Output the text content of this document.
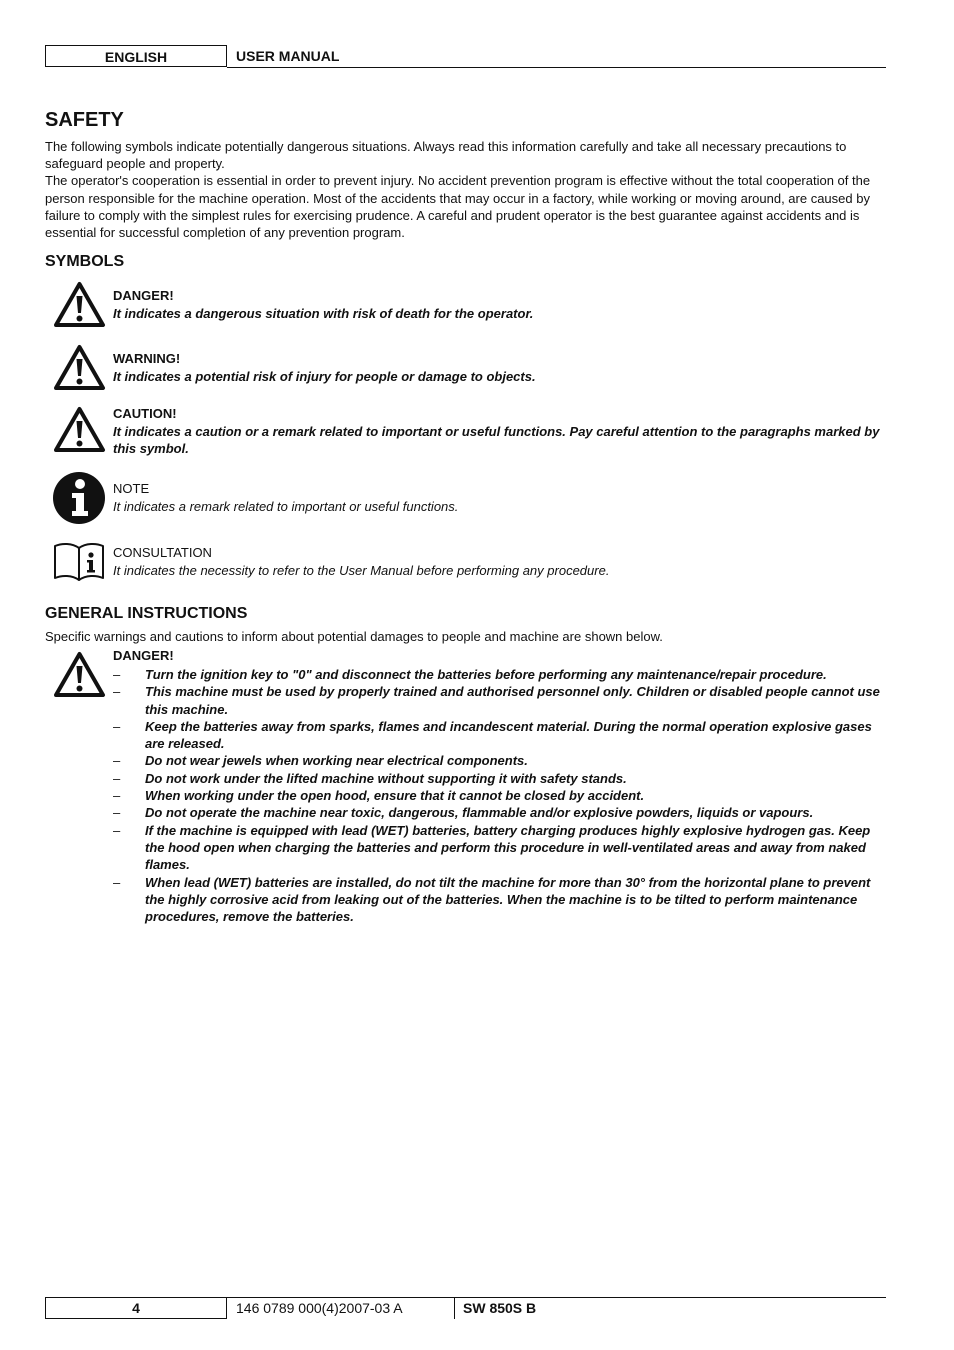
ENGLISH	USER MANUAL
SAFETY
The following symbols indicate potentially dangerous situations. Always read this information carefully and take all necessary precautions to safeguard people and property.
The operator's cooperation is essential in order to prevent injury. No accident prevention program is effective without the total cooperation of the person responsible for the machine operation. Most of the accidents that may occur in a factory, while working or moving around, are caused by failure to comply with the simplest rules for exercising prudence. A careful and prudent operator is the best guarantee against accidents and is essential for successful completion of any prevention program.
SYMBOLS
DANGER!
It indicates a dangerous situation with risk of death for the operator.
WARNING!
It indicates a potential risk of injury for people or damage to objects.
CAUTION!
It indicates a caution or a remark related to important or useful functions. Pay careful attention to the paragraphs marked by this symbol.
NOTE
It indicates a remark related to important or useful functions.
CONSULTATION
It indicates the necessity to refer to the User Manual before performing any procedure.
GENERAL INSTRUCTIONS

Specific warnings and cautions to inform about potential damages to people and machine are shown below.

DANGER!
– Turn the ignition key to "0" and disconnect the batteries before performing any maintenance/repair procedure.
– This machine must be used by properly trained and authorised personnel only. Children or disabled people cannot use this machine.
– Keep the batteries away from sparks, flames and incandescent material. During the normal operation explosive gases are released.
– Do not wear jewels when working near electrical components.
– Do not work under the lifted machine without supporting it with safety stands.
– When working under the open hood, ensure that it cannot be closed by accident.
– Do not operate the machine near toxic, dangerous, flammable and/or explosive powders, liquids or vapours.
– If the machine is equipped with lead (WET) batteries, battery charging produces highly explosive hydrogen gas. Keep the hood open when charging the batteries and perform this procedure in well-ventilated areas and away from naked flames.
– When lead (WET) batteries are installed, do not tilt the machine for more than 30° from the horizontal plane to prevent the highly corrosive acid from leaking out of the batteries. When the machine is to be tilted to perform maintenance procedures, remove the batteries.
4	146 0789 000(4)2007-03 A	SW 850S B
